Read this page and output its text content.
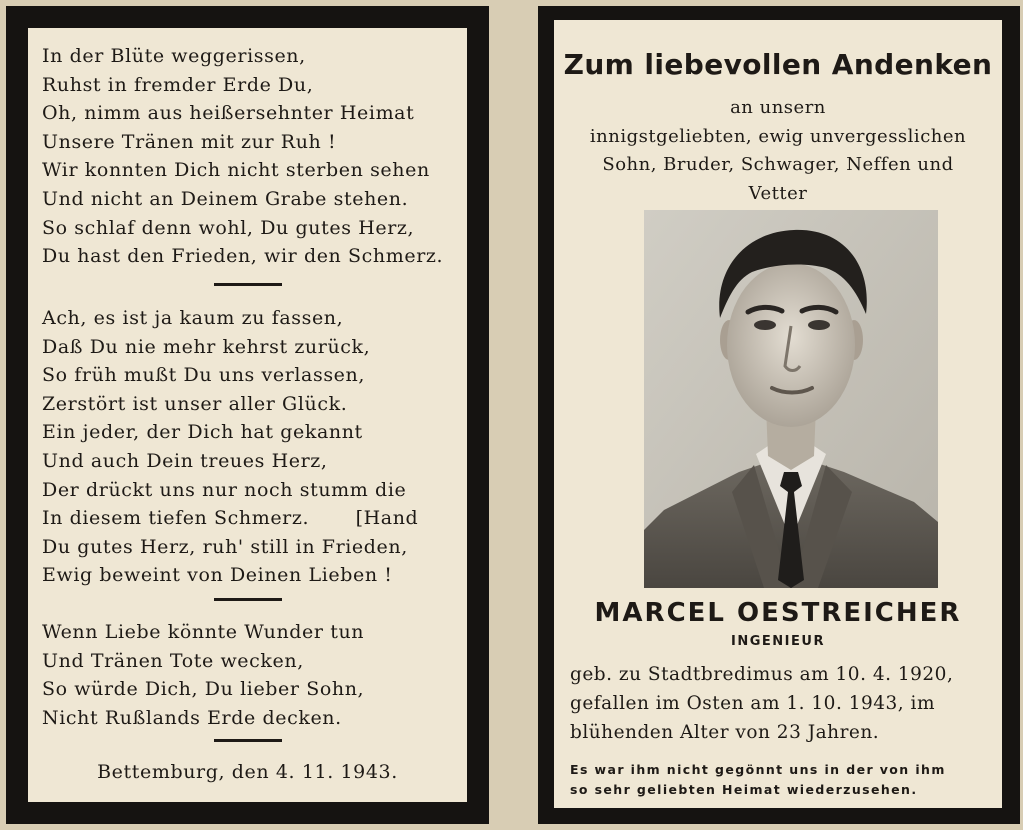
In der Blüte weggerissen,
Ruhst in fremder Erde Du,
Oh, nimm aus heißersehnter Heimat
Unsere Tränen mit zur Ruh !
Wir konnten Dich nicht sterben sehen
Und nicht an Deinem Grabe stehen.
So schlaf denn wohl, Du gutes Herz,
Du hast den Frieden, wir den Schmerz.
Ach, es ist ja kaum zu fassen,
Daß Du nie mehr kehrst zurück,
So früh mußt Du uns verlassen,
Zerstört ist unser aller Glück.
Ein jeder, der Dich hat gekannt
Und auch Dein treues Herz,
Der drückt uns nur noch stumm die
In diesem tiefen Schmerz.       [Hand
Du gutes Herz, ruh' still in Frieden,
Ewig beweint von Deinen Lieben !
Wenn Liebe könnte Wunder tun
Und Tränen Tote wecken,
So würde Dich, Du lieber Sohn,
Nicht Rußlands Erde decken.
Bettemburg, den 4. 11. 1943.
Zum liebevollen Andenken
an unsern
innigstgeliebten, ewig unvergesslichen
Sohn, Bruder, Schwager, Neffen und
Vetter
MARCEL OESTREICHER
INGENIEUR
geb. zu Stadtbredimus am 10. 4. 1920,
gefallen im Osten am 1. 10. 1943, im
blühenden Alter von 23 Jahren.
Es war ihm nicht gegönnt uns in der von ihm
so sehr geliebten Heimat wiederzusehen.
